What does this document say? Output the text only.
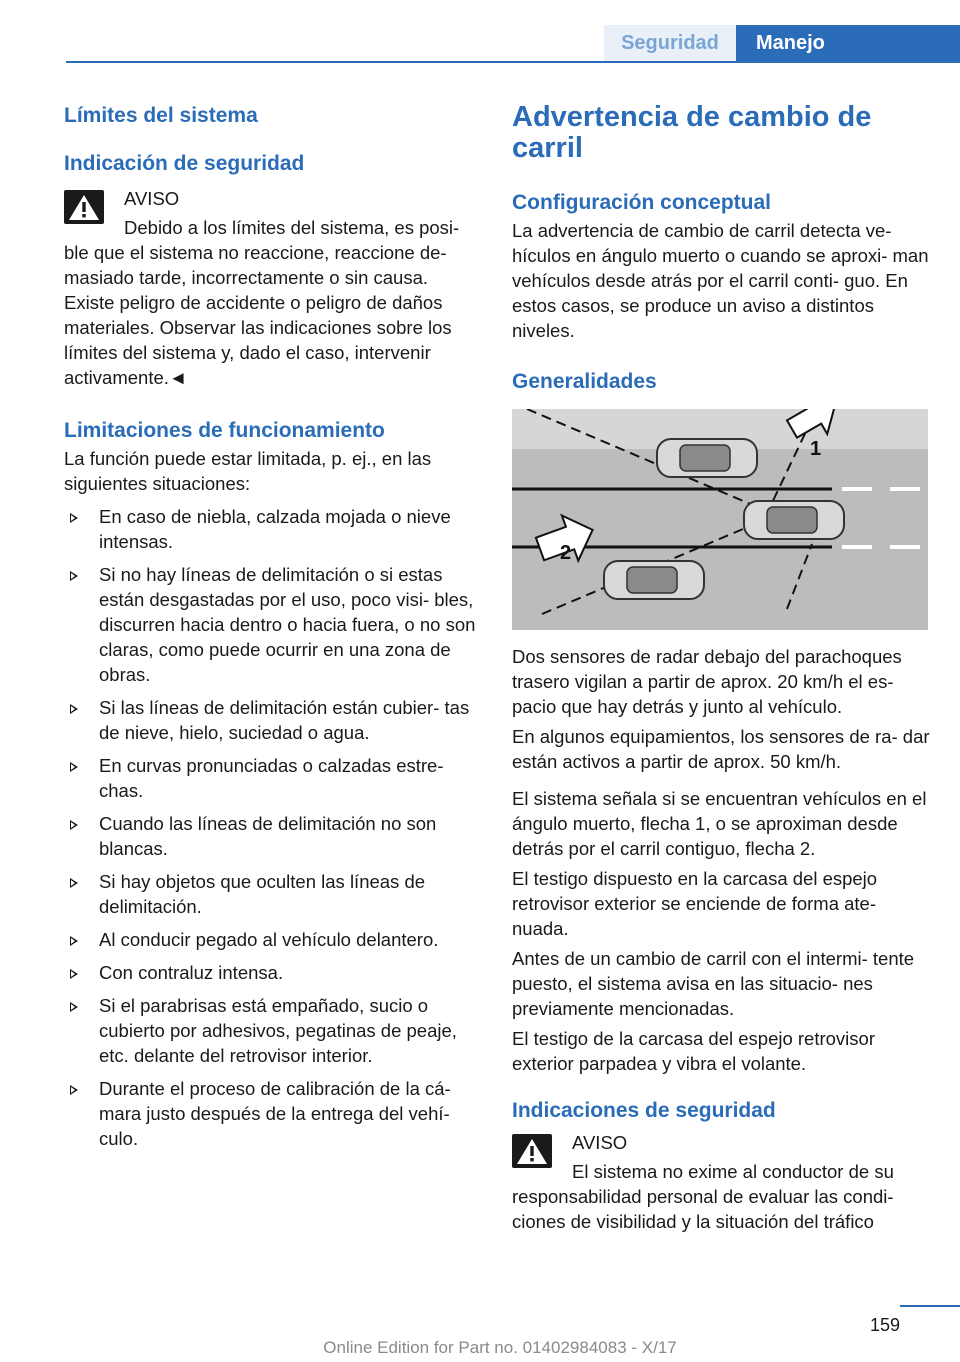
Seguridad	Manejo
Límites del sistema
Indicación de seguridad

AVISO

Debido a los límites del sistema, es posi‐

ble que el sistema no reaccione, reaccione de‐ masiado tarde, incorrectamente o sin causa. Existe peligro de accidente o peligro de daños materiales. Observar las indicaciones sobre los límites del sistema y, dado el caso, intervenir activamente.◄

Limitaciones de funcionamiento

La función puede estar limitada, p. ej., en las siguientes situaciones:

En caso de niebla, calzada mojada o nieve intensas.
Si no hay líneas de delimitación o si estas están desgastadas por el uso, poco visi‐ bles, discurren hacia dentro o hacia fuera, o no son claras, como puede ocurrir en una zona de obras.
Si las líneas de delimitación están cubier‐ tas de nieve, hielo, suciedad o agua.
En curvas pronunciadas o calzadas estre‐ chas.
Cuando las líneas de delimitación no son blancas.
Si hay objetos que oculten las líneas de delimitación.
Al conducir pegado al vehículo delantero.
Con contraluz intensa.
Si el parabrisas está empañado, sucio o cubierto por adhesivos, pegatinas de peaje, etc. delante del retrovisor interior.
Durante el proceso de calibración de la cá‐ mara justo después de la entrega del vehí‐ culo.
Advertencia de cambio de carril
Configuración conceptual

La advertencia de cambio de carril detecta ve‐ hículos en ángulo muerto o cuando se aproxi‐ man vehículos desde atrás por el carril conti‐ guo. En estos casos, se produce un aviso a distintos niveles.

Generalidades
1
2

Dos sensores de radar debajo del parachoques trasero vigilan a partir de aprox. 20 km/h el es‐ pacio que hay detrás y junto al vehículo.

En algunos equipamientos, los sensores de ra‐ dar están activos a partir de aprox. 50 km/h.

El sistema señala si se encuentran vehículos en el ángulo muerto, flecha 1, o se aproximan desde detrás por el carril contiguo, flecha 2.

El testigo dispuesto en la carcasa del espejo retrovisor exterior se enciende de forma ate‐ nuada.

Antes de un cambio de carril con el intermi‐ tente puesto, el sistema avisa en las situacio‐ nes previamente mencionadas.

El testigo de la carcasa del espejo retrovisor exterior parpadea y vibra el volante.

Indicaciones de seguridad

AVISO

El sistema no exime al conductor de su

responsabilidad personal de evaluar las condi‐ ciones de visibilidad y la situación del tráfico

159
Online Edition for Part no. 01402984083 - X/17
